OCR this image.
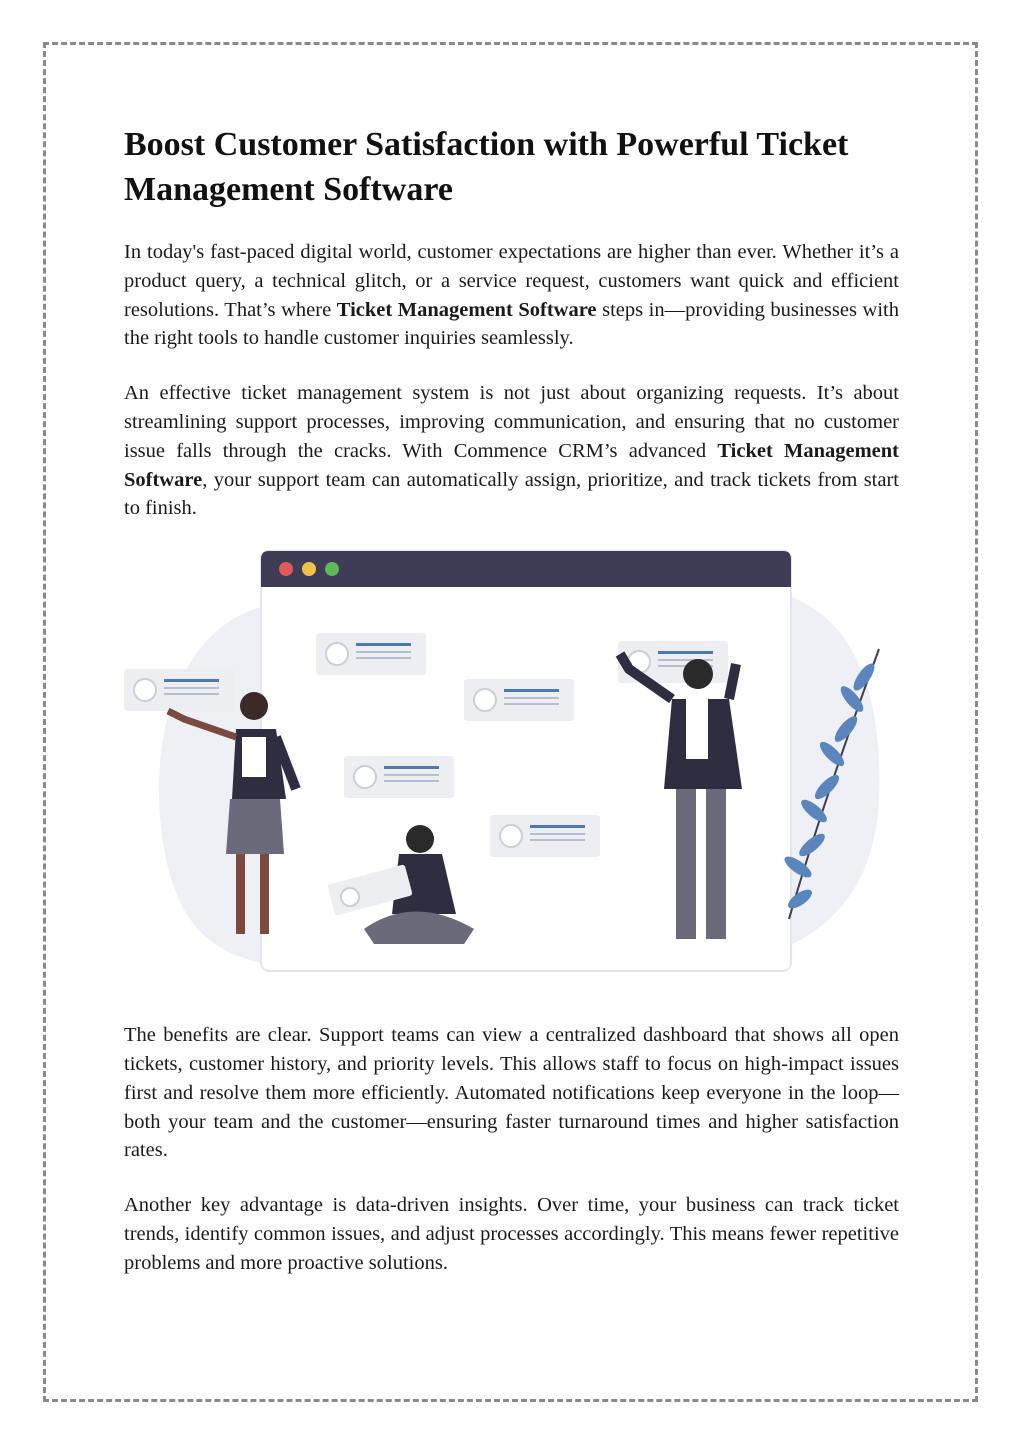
Boost Customer Satisfaction with Powerful Ticket Management Software

In today's fast-paced digital world, customer expectations are higher than ever. Whether it’s a product query, a technical glitch, or a service request, customers want quick and efficient resolutions. That’s where Ticket Management Software steps in—providing businesses with the right tools to handle customer inquiries seamlessly.

An effective ticket management system is not just about organizing requests. It’s about streamlining support processes, improving communication, and ensuring that no customer issue falls through the cracks. With Commence CRM’s advanced Ticket Management Software, your support team can automatically assign, prioritize, and track tickets from start to finish.

The benefits are clear. Support teams can view a centralized dashboard that shows all open tickets, customer history, and priority levels. This allows staff to focus on high-impact issues first and resolve them more efficiently. Automated notifications keep everyone in the loop—both your team and the customer—ensuring faster turnaround times and higher satisfaction rates.

Another key advantage is data-driven insights. Over time, your business can track ticket trends, identify common issues, and adjust processes accordingly. This means fewer repetitive problems and more proactive solutions.
